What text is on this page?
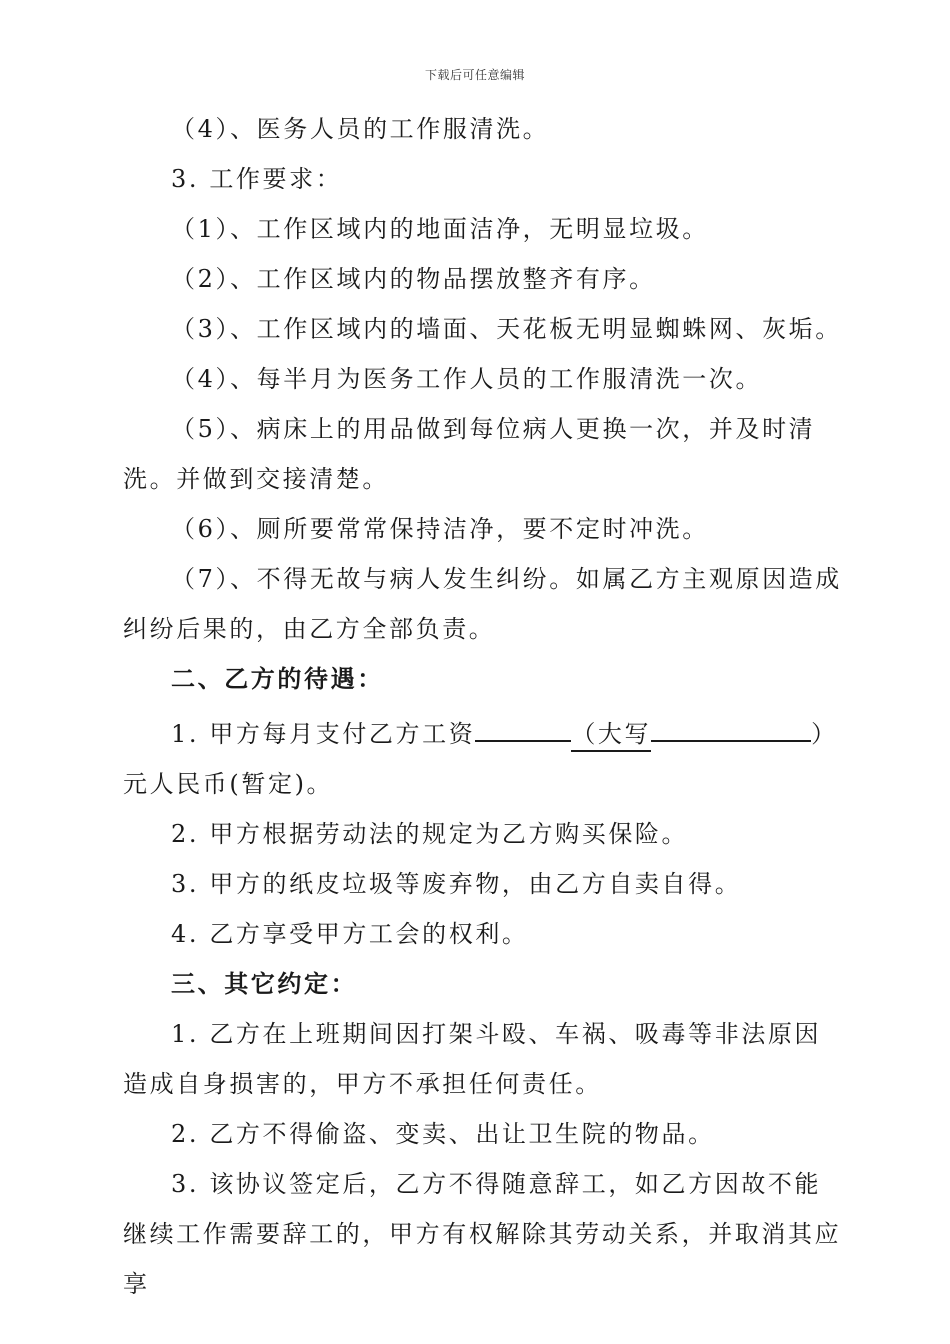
下载后可任意编辑

（4）、医务人员的工作服清洗。

3. 工作要求：

（1）、工作区域内的地面洁净，无明显垃圾。

（2）、工作区域内的物品摆放整齐有序。

（3）、工作区域内的墙面、天花板无明显蜘蛛网、灰垢。

（4）、每半月为医务工作人员的工作服清洗一次。

（5）、病床上的用品做到每位病人更换一次，并及时清洗。并做到交接清楚。

（6）、厕所要常常保持洁净，要不定时冲洗。

（7）、不得无故与病人发生纠纷。如属乙方主观原因造成纠纷后果的，由乙方全部负责。

二、乙方的待遇：

1. 甲方每月支付乙方工资	（大写	）元人民币(暂定)。

2. 甲方根据劳动法的规定为乙方购买保险。

3. 甲方的纸皮垃圾等废弃物，由乙方自卖自得。

4. 乙方享受甲方工会的权利。

三、其它约定：

1. 乙方在上班期间因打架斗殴、车祸、吸毒等非法原因造成自身损害的，甲方不承担任何责任。

2. 乙方不得偷盗、变卖、出让卫生院的物品。

3. 该协议签定后，乙方不得随意辞工，如乙方因故不能继续工作需要辞工的，甲方有权解除其劳动关系，并取消其应享
